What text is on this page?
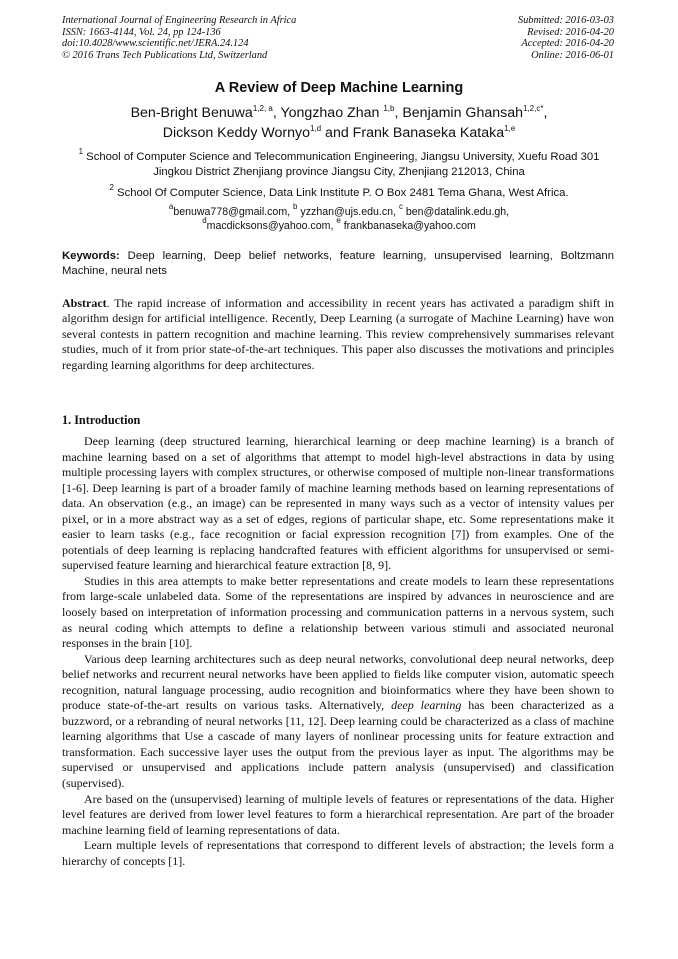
International Journal of Engineering Research in Africa
ISSN: 1663-4144, Vol. 24, pp 124-136
doi:10.4028/www.scientific.net/JERA.24.124
© 2016 Trans Tech Publications Ltd, Switzerland
Submitted: 2016-03-03
Revised: 2016-04-20
Accepted: 2016-04-20
Online: 2016-06-01
A Review of Deep Machine Learning
Ben-Bright Benuwa$^{1,2, a}$, Yongzhao Zhan $^{1,b}$, Benjamin Ghansah$^{1,2,c*}$,
Dickson Keddy Wornyo$^{1,d}$ and Frank Banaseka Kataka$^{1,e}$
$^1$ School of Computer Science and Telecommunication Engineering, Jiangsu University, Xuefu Road 301 Jingkou District Zhenjiang province Jiangsu City, Zhenjiang 212013, China
$^2$ School Of Computer Science, Data Link Institute P. O Box 2481 Tema Ghana, West Africa.
$^a$benuwa778@gmail.com, $^b$ yzzhan@ujs.edu.cn, $^c$ ben@datalink.edu.gh,
$^d$macdicksons@yahoo.com, $^e$ frankbanaseka@yahoo.com
Keywords: Deep learning, Deep belief networks, feature learning, unsupervised learning, Boltzmann Machine, neural nets
Abstract. The rapid increase of information and accessibility in recent years has activated a paradigm shift in algorithm design for artificial intelligence. Recently, Deep Learning (a surrogate of Machine Learning) have won several contests in pattern recognition and machine learning. This review comprehensively summarises relevant studies, much of it from prior state-of-the-art techniques. This paper also discusses the motivations and principles regarding learning algorithms for deep architectures.
1. Introduction

Deep learning (deep structured learning, hierarchical learning or deep machine learning) is a branch of machine learning based on a set of algorithms that attempt to model high-level abstractions in data by using multiple processing layers with complex structures, or otherwise composed of multiple non-linear transformations [1-6]. Deep learning is part of a broader family of machine learning methods based on learning representations of data. An observation (e.g., an image) can be represented in many ways such as a vector of intensity values per pixel, or in a more abstract way as a set of edges, regions of particular shape, etc. Some representations make it easier to learn tasks (e.g., face recognition or facial expression recognition [7]) from examples. One of the potentials of deep learning is replacing handcrafted features with efficient algorithms for unsupervised or semi-supervised feature learning and hierarchical feature extraction [8, 9].

Studies in this area attempts to make better representations and create models to learn these representations from large-scale unlabeled data. Some of the representations are inspired by advances in neuroscience and are loosely based on interpretation of information processing and communication patterns in a nervous system, such as neural coding which attempts to define a relationship between various stimuli and associated neuronal responses in the brain [10].

Various deep learning architectures such as deep neural networks, convolutional deep neural networks, deep belief networks and recurrent neural networks have been applied to fields like computer vision, automatic speech recognition, natural language processing, audio recognition and bioinformatics where they have been shown to produce state-of-the-art results on various tasks. Alternatively, deep learning has been characterized as a buzzword, or a rebranding of neural networks [11, 12]. Deep learning could be characterized as a class of machine learning algorithms that Use a cascade of many layers of nonlinear processing units for feature extraction and transformation. Each successive layer uses the output from the previous layer as input. The algorithms may be supervised or unsupervised and applications include pattern analysis (unsupervised) and classification (supervised).

Are based on the (unsupervised) learning of multiple levels of features or representations of the data. Higher level features are derived from lower level features to form a hierarchical representation. Are part of the broader machine learning field of learning representations of data.

Learn multiple levels of representations that correspond to different levels of abstraction; the levels form a hierarchy of concepts [1].
